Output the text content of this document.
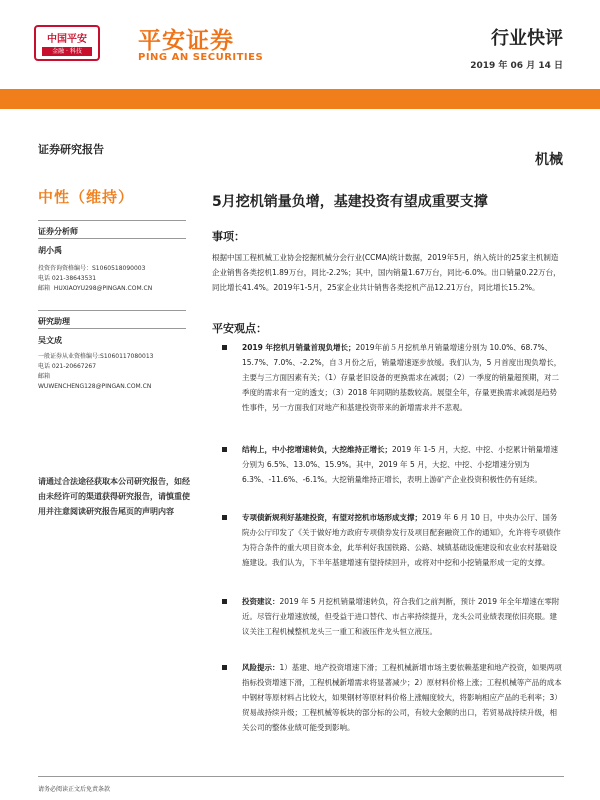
中国平安
金融 · 科技	平安证券
PING AN SECURITIES
行业快评
2019 年 06 月 14 日
证券研究报告
中性（维持）
证券分析师
胡小禹
投资咨询资格编号：S1060518090003
电话 021-38643531
邮箱 HUXIAOYU298@PINGAN.COM.CN
研究助理
吴文成
一般证券从业资格编号:S1060117080013
电话 021-20667267
邮箱
WUWENCHENG128@PINGAN.COM.CN
请通过合法途径获取本公司研究报告，如经由未经许可的渠道获得研究报告，请慎重使用并注意阅读研究报告尾页的声明内容
机械
5月挖机销量负增，基建投资有望成重要支撑
事项：
根据中国工程机械工业协会挖掘机械分会行业(CCMA)统计数据，2019年5月，纳入统计的25家主机制造企业销售各类挖机1.89万台，同比-2.2%；其中，国内销量1.67万台，同比-6.0%。出口销量0.22万台，同比增长41.4%。2019年1-5月，25家企业共计销售各类挖机产品12.21万台，同比增长15.2%。
平安观点：
2019 年挖机月销量首现负增长；2019年前５月挖机单月销量增速分别为 10.0%、68.7%、15.7%、7.0%、-2.2%，自３月份之后，销量增速逐步放缓。我们认为，5 月首度出现负增长，主要与三方面因素有关；（1）存量老旧设备的更换需求在减弱；（2）一季度的销量超预期，对二季度的需求有一定的透支；（3）2018 年同期的基数较高。展望全年，存量更换需求减弱是趋势性事件，另一方面我们对地产和基建投资带来的新增需求并不悲观。
结构上，中小挖增速转负，大挖维持正增长；2019 年 1-5 月，大挖、中挖、小挖累计销量增速分别为 6.5%、13.0%、15.9%。其中，2019 年 5 月，大挖、中挖、小挖增速分别为 6.3%、-11.6%、-6.1%。大挖销量维持正增长，表明上游矿产企业投资积极性仍有延续。
专项债新规利好基建投资，有望对挖机市场形成支撑；2019 年 6 月 10 日，中央办公厅、国务院办公厅印发了《关于做好地方政府专项债券发行及项目配套融资工作的通知》，允许将专项债作为符合条件的重大项目资本金，此举利好我国铁路、公路、城镇基础设施建设和农业农村基础设施建设。我们认为，下半年基建增速有望持续回升，或将对中挖和小挖销量形成一定的支撑。
投资建议：2019 年 5 月挖机销量增速转负，符合我们之前判断，预计 2019 年全年增速在零附近。尽管行业增速放缓，但受益于进口替代、市占率持续提升，龙头公司业绩表现依旧亮眼。建议关注工程机械整机龙头三一重工和液压件龙头恒立液压。
风险提示：1）基建、地产投资增速下滑；工程机械新增市场主要依赖基建和地产投资，如果两项指标投资增速下滑，工程机械新增需求将显著减少；2）原材料价格上涨；工程机械等产品的成本中钢材等原材料占比较大，如果钢材等原材料价格上涨幅度较大，将影响相应产品的毛利率；3）贸易战持续升级；工程机械等板块的部分标的公司，有较大金额的出口，若贸易战持续升级，相关公司的整体业绩可能受到影响。
请务必阅读正文后免责条款
